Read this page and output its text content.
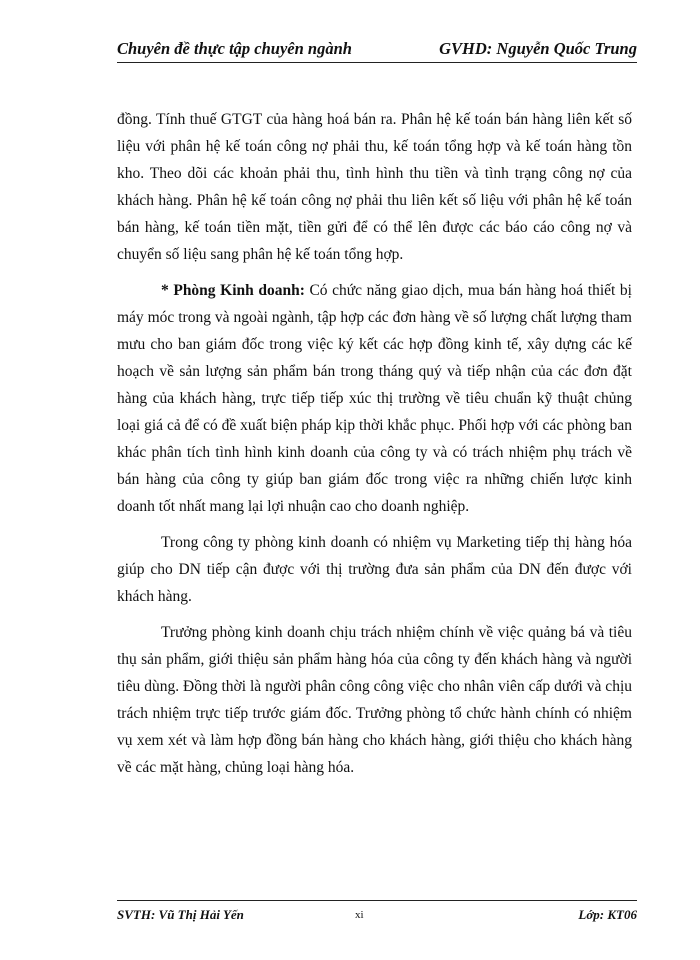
Chuyên đề thực tập chuyên ngành	GVHD: Nguyễn Quốc Trung

đồng. Tính thuế GTGT của hàng hoá bán ra. Phân hệ kế toán bán hàng liên kết số liệu với phân hệ kế toán công nợ phải thu, kế toán tổng hợp và kế toán hàng tồn kho. Theo dõi các khoản phải thu, tình hình thu tiền và tình trạng công nợ của khách hàng. Phân hệ kế toán công nợ phải thu liên kết số liệu với phân hệ kế toán bán hàng, kế toán tiền mặt, tiền gửi để có thể lên được các báo cáo công nợ và chuyển số liệu sang phân hệ kế toán tổng hợp.

* Phòng Kinh doanh: Có chức năng giao dịch, mua bán hàng hoá thiết bị máy móc trong và ngoài ngành, tập hợp các đơn hàng về số lượng chất lượng tham mưu cho ban giám đốc trong việc ký kết các hợp đồng kinh tế, xây dựng các kế hoạch về sản lượng sản phẩm bán trong tháng quý và tiếp nhận của các đơn đặt hàng của khách hàng, trực tiếp tiếp xúc thị trường về tiêu chuẩn kỹ thuật chủng loại giá cả để có đề xuất biện pháp kịp thời khắc phục. Phối hợp với các phòng ban khác phân tích tình hình kinh doanh của công ty và có trách nhiệm phụ trách về bán hàng của công ty giúp ban giám đốc trong việc ra những chiến lược kinh doanh tốt nhất mang lại lợi nhuận cao cho doanh nghiệp.

Trong công ty phòng kinh doanh có nhiệm vụ Marketing tiếp thị hàng hóa giúp cho DN tiếp cận được với thị trường đưa sản phẩm của DN đến được với khách hàng.

Trưởng phòng kinh doanh chịu trách nhiệm chính về việc quảng bá và tiêu thụ sản phẩm, giới thiệu sản phẩm hàng hóa của công ty đến khách hàng và người tiêu dùng. Đồng thời là người phân công công việc cho nhân viên cấp dưới và chịu trách nhiệm trực tiếp trước giám đốc. Trưởng phòng tổ chức hành chính có nhiệm vụ xem xét và làm hợp đồng bán hàng cho khách hàng, giới thiệu cho khách hàng về các mặt hàng, chủng loại hàng hóa.

SVTH: Vũ Thị Hải Yến	xi	Lớp: KT06
